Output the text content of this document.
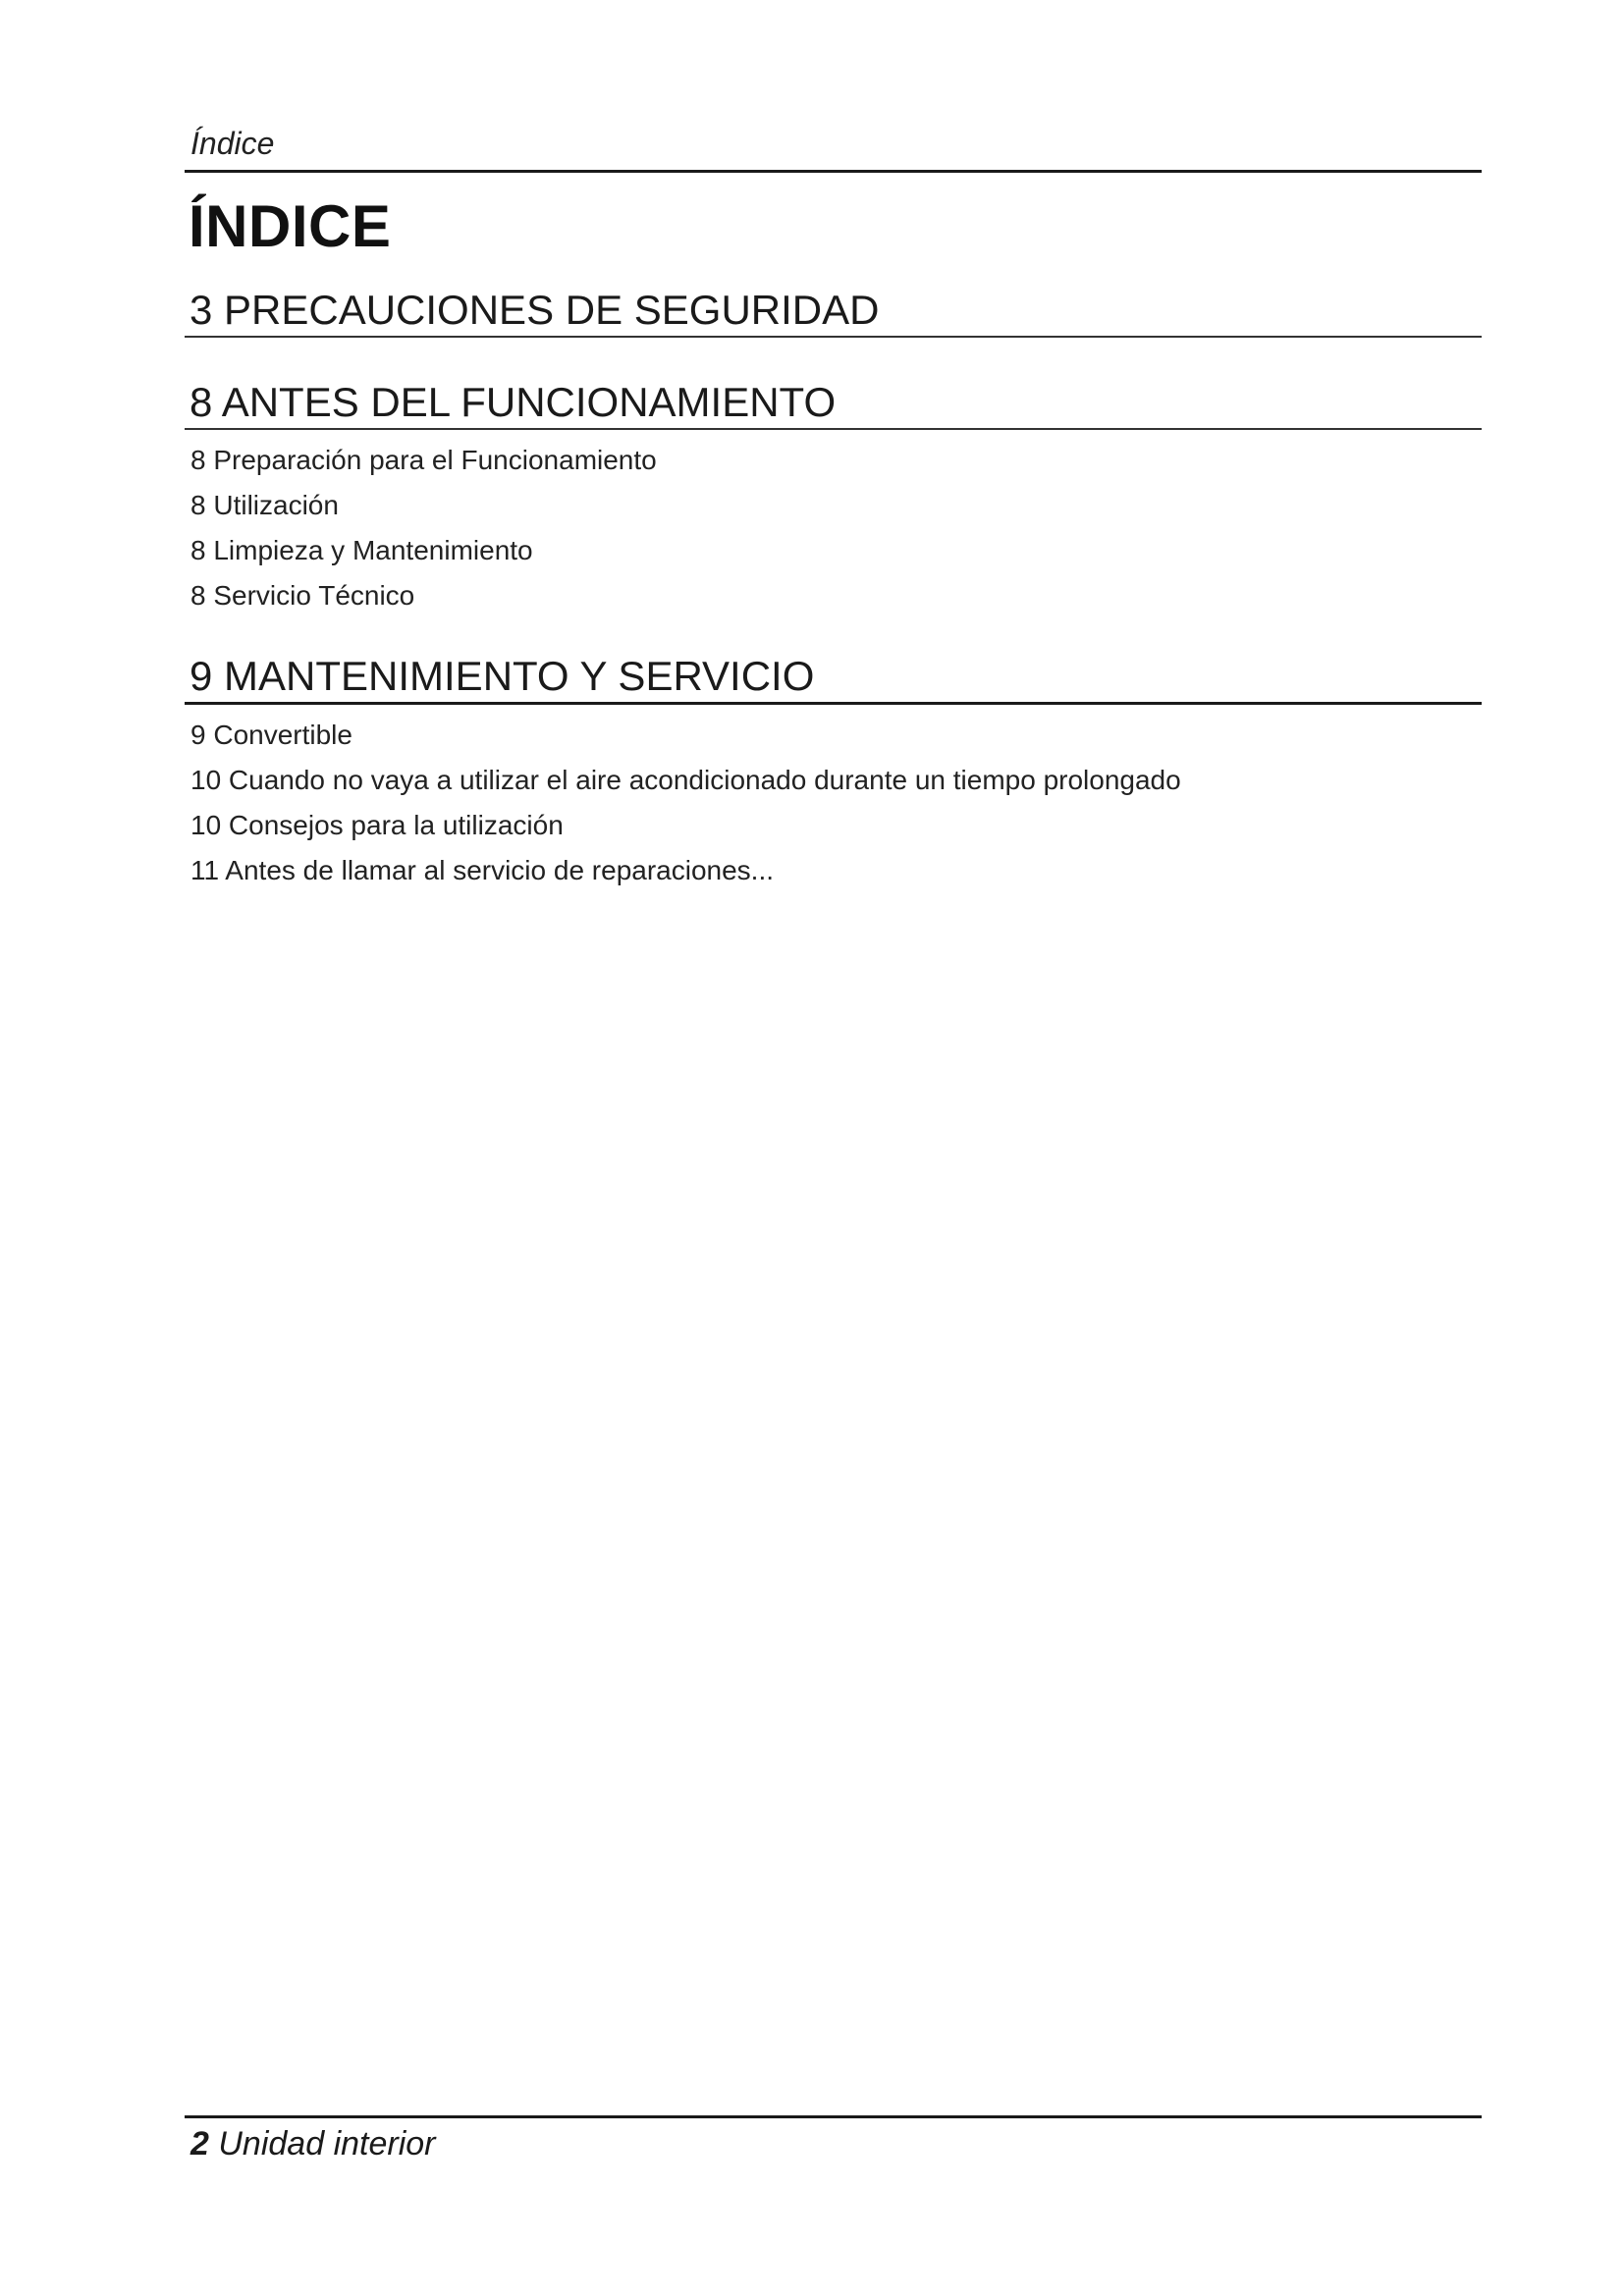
Índice
ÍNDICE
3 PRECAUCIONES DE SEGURIDAD
8 ANTES DEL FUNCIONAMIENTO
8 Preparación para el Funcionamiento
8 Utilización
8 Limpieza y Mantenimiento
8 Servicio Técnico
9 MANTENIMIENTO Y SERVICIO
9 Convertible
10 Cuando no vaya a utilizar el aire acondicionado durante un tiempo prolongado
10 Consejos para la utilización
11 Antes de llamar al servicio de reparaciones...
2 Unidad interior
